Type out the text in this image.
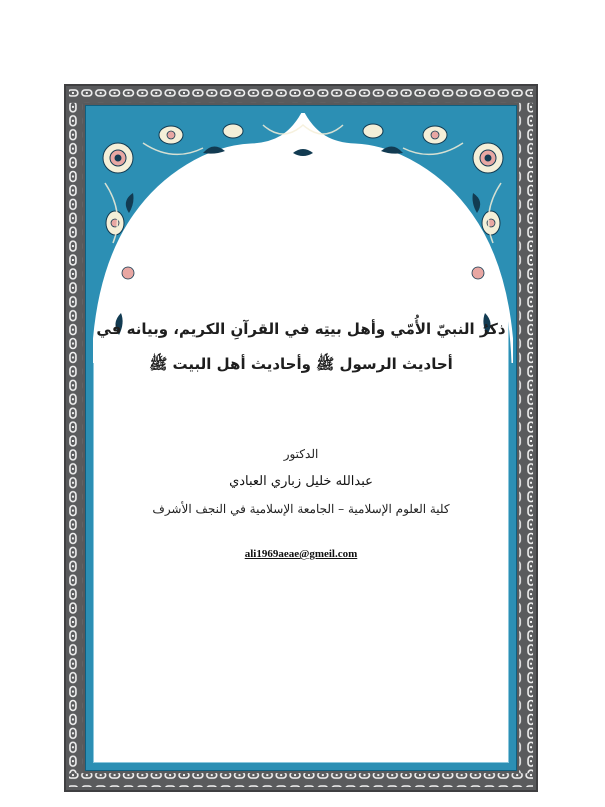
ذكرُ النبيّ الأُمّي وأهل بيتِه في القرآنِ الكريم، وبيانه في
أحاديث الرسول ﷺ وأحاديث أهل البيت ﷺ
الدكتور
عبدالله خليل زباري العبادي
كلية العلوم الإسلامية – الجامعة الإسلامية في النجف الأشرف
ali1969aeae@gmeil.com
